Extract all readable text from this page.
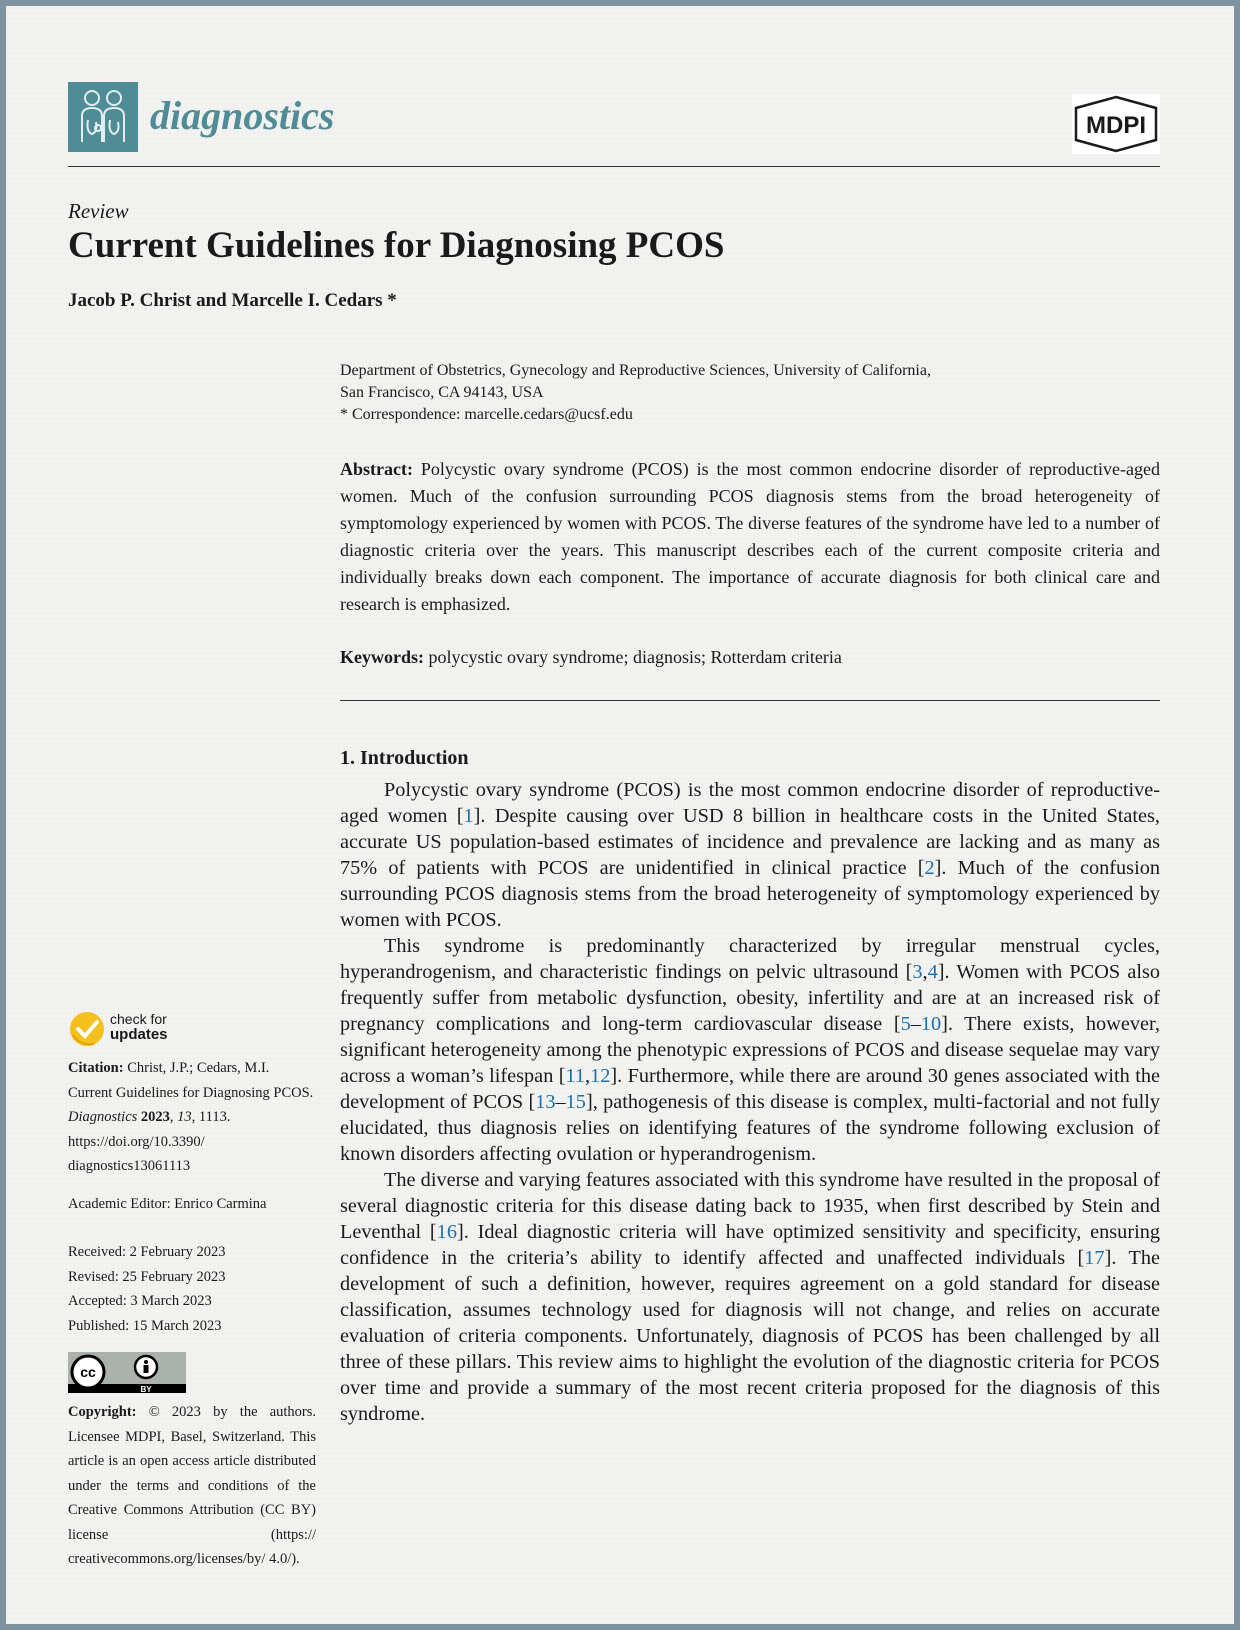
diagnostics	MDPI
Review
Current Guidelines for Diagnosing PCOS
Jacob P. Christ and Marcelle I. Cedars *
Department of Obstetrics, Gynecology and Reproductive Sciences, University of California,
San Francisco, CA 94143, USA
* Correspondence: marcelle.cedars@ucsf.edu
Abstract: Polycystic ovary syndrome (PCOS) is the most common endocrine disorder of reproductive-aged women. Much of the confusion surrounding PCOS diagnosis stems from the broad heterogeneity of symptomology experienced by women with PCOS. The diverse features of the syndrome have led to a number of diagnostic criteria over the years. This manuscript describes each of the current composite criteria and individually breaks down each component. The importance of accurate diagnosis for both clinical care and research is emphasized.
Keywords: polycystic ovary syndrome; diagnosis; Rotterdam criteria
1. Introduction

Polycystic ovary syndrome (PCOS) is the most common endocrine disorder of reproductive-aged women [1]. Despite causing over USD 8 billion in healthcare costs in the United States, accurate US population-based estimates of incidence and prevalence are lacking and as many as 75% of patients with PCOS are unidentified in clinical practice [2]. Much of the confusion surrounding PCOS diagnosis stems from the broad heterogeneity of symptomology experienced by women with PCOS.

This syndrome is predominantly characterized by irregular menstrual cycles, hyperandrogenism, and characteristic findings on pelvic ultrasound [3,4]. Women with PCOS also frequently suffer from metabolic dysfunction, obesity, infertility and are at an increased risk of pregnancy complications and long-term cardiovascular disease [5–10]. There exists, however, significant heterogeneity among the phenotypic expressions of PCOS and disease sequelae may vary across a woman’s lifespan [11,12]. Furthermore, while there are around 30 genes associated with the development of PCOS [13–15], pathogenesis of this disease is complex, multi-factorial and not fully elucidated, thus diagnosis relies on identifying features of the syndrome following exclusion of known disorders affecting ovulation or hyperandrogenism.

The diverse and varying features associated with this syndrome have resulted in the proposal of several diagnostic criteria for this disease dating back to 1935, when first described by Stein and Leventhal [16]. Ideal diagnostic criteria will have optimized sensitivity and specificity, ensuring confidence in the criteria’s ability to identify affected and unaffected individuals [17]. The development of such a definition, however, requires agreement on a gold standard for disease classification, assumes technology used for diagnosis will not change, and relies on accurate evaluation of criteria components. Unfortunately, diagnosis of PCOS has been challenged by all three of these pillars. This review aims to highlight the evolution of the diagnostic criteria for PCOS over time and provide a summary of the most recent criteria proposed for the diagnosis of this syndrome.

check for
updates
Citation: Christ, J.P.; Cedars, M.I. Current Guidelines for Diagnosing PCOS. Diagnostics 2023, 13, 1113. https://doi.org/10.3390/ diagnostics13061113
Academic Editor: Enrico Carmina
Received: 2 February 2023
Revised: 25 February 2023
Accepted: 3 March 2023
Published: 15 March 2023
cc
BY
Copyright: © 2023 by the authors. Licensee MDPI, Basel, Switzerland. This article is an open access article distributed under the terms and conditions of the Creative Commons Attribution (CC BY) license (https:// creativecommons.org/licenses/by/ 4.0/).
